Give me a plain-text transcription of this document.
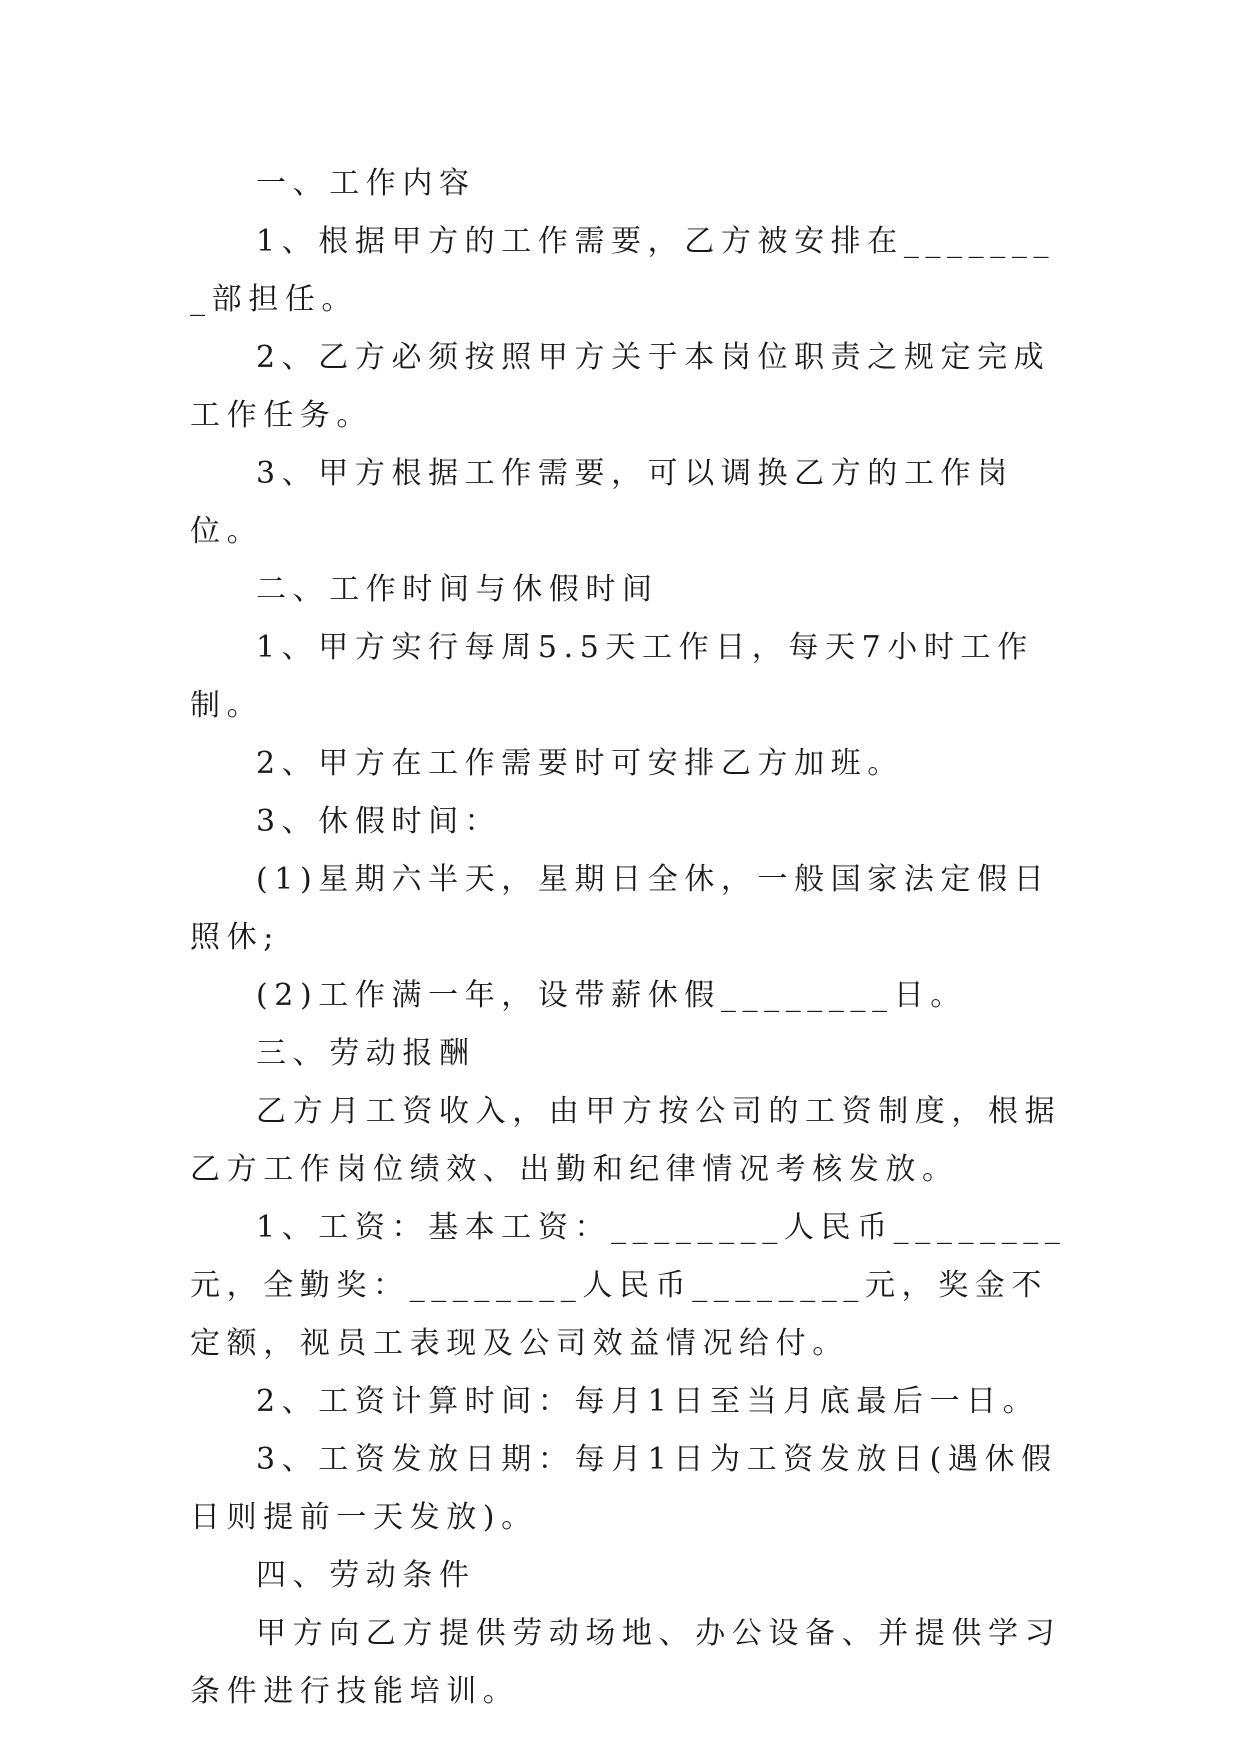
一、工作内容

1、根据甲方的工作需要，乙方被安排在________部担任。

2、乙方必须按照甲方关于本岗位职责之规定完成工作任务。

3、甲方根据工作需要，可以调换乙方的工作岗位。

二、工作时间与休假时间

1、甲方实行每周5.5天工作日，每天7小时工作制。

2、甲方在工作需要时可安排乙方加班。

3、休假时间：

(1)星期六半天，星期日全休，一般国家法定假日照休;

(2)工作满一年，设带薪休假________日。

三、劳动报酬

乙方月工资收入，由甲方按公司的工资制度，根据乙方工作岗位绩效、出勤和纪律情况考核发放。

1、工资：基本工资：________人民币________元，全勤奖：________人民币________元，奖金不定额，视员工表现及公司效益情况给付。

2、工资计算时间：每月1日至当月底最后一日。

3、工资发放日期：每月1日为工资发放日(遇休假日则提前一天发放)。

四、劳动条件

甲方向乙方提供劳动场地、办公设备、并提供学习条件进行技能培训。
